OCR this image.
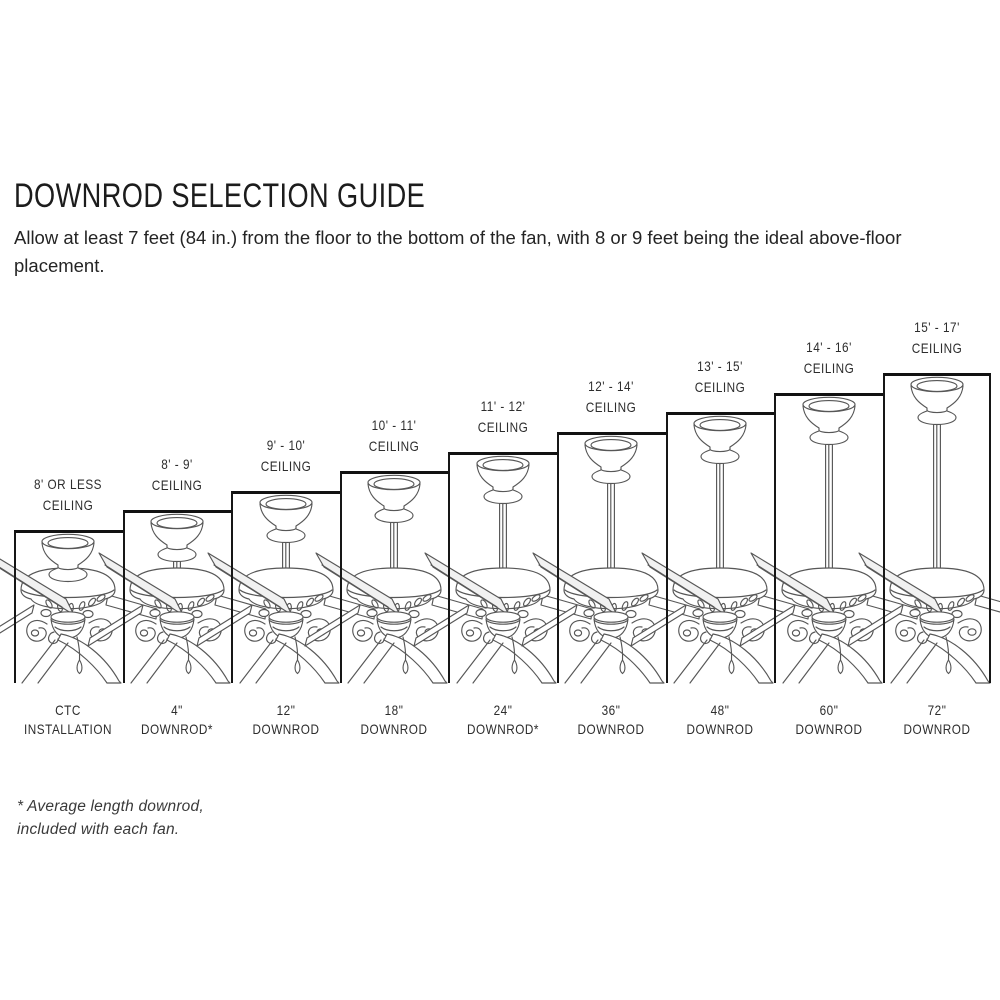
DOWNROD SELECTION GUIDE
Allow at least 7 feet (84 in.) from the floor to the bottom of the fan, with 8 or 9 feet being the ideal above-floor placement.
8' OR LESS
CEILING
CTC
INSTALLATION
8' - 9'
CEILING
4"
DOWNROD*
9' - 10'
CEILING
12"
DOWNROD
10' - 11'
CEILING
18"
DOWNROD
11' - 12'
CEILING
24"
DOWNROD*
12' - 14'
CEILING
36"
DOWNROD
13' - 15'
CEILING
48"
DOWNROD
14' - 16'
CEILING
60"
DOWNROD
15' - 17'
CEILING
72"
DOWNROD
* Average length downrod,
included with each fan.
